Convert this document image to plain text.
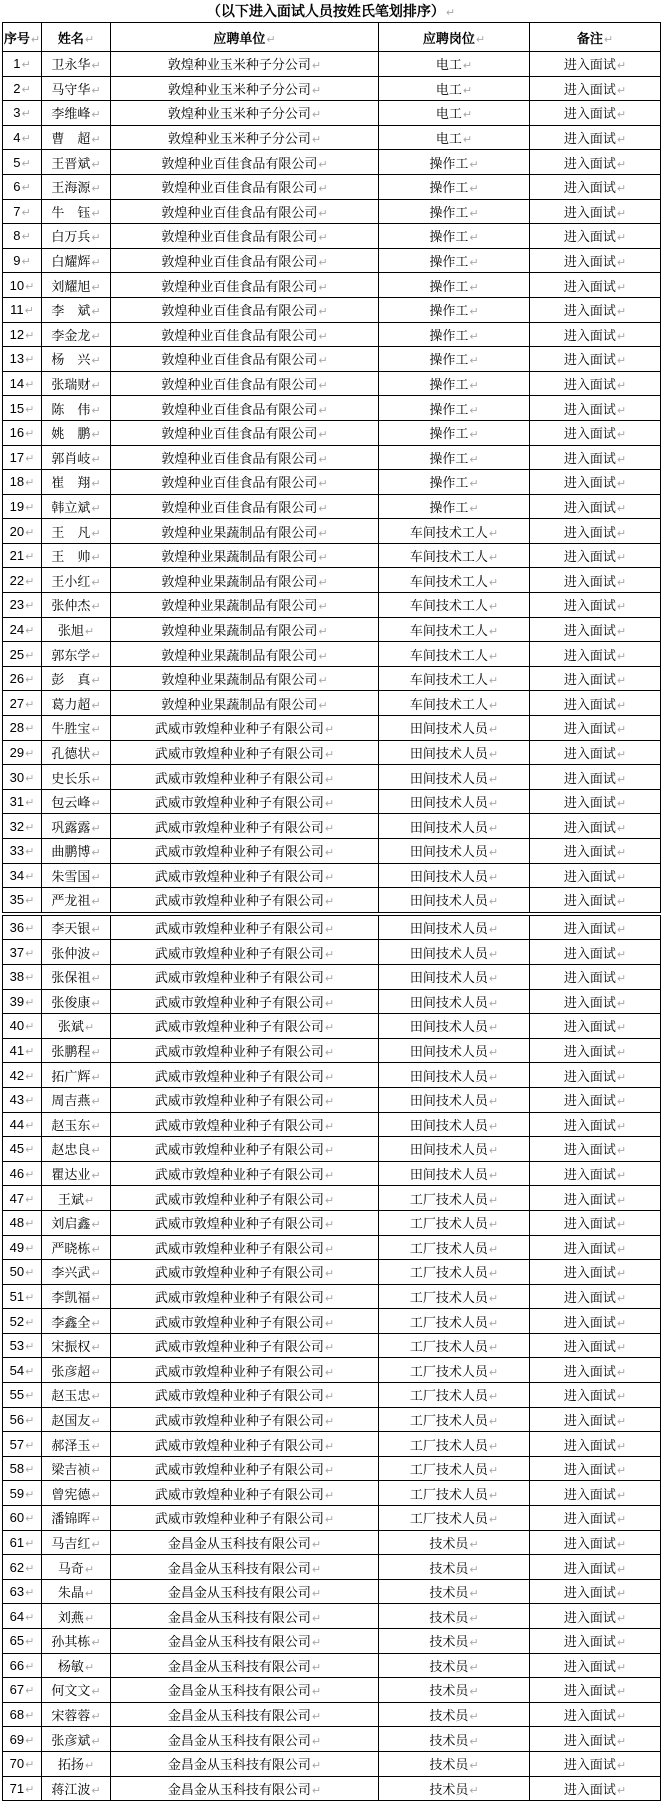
（以下进入面试人员按姓氏笔划排序）↵
序号↵	姓名↵	应聘单位↵	应聘岗位↵	备注↵
1↵	卫永华↵	敦煌种业玉米种子分公司↵	电工↵	进入面试↵
2↵	马守华↵	敦煌种业玉米种子分公司↵	电工↵	进入面试↵
3↵	李维峰↵	敦煌种业玉米种子分公司↵	电工↵	进入面试↵
4↵	曹　超↵	敦煌种业玉米种子分公司↵	电工↵	进入面试↵
5↵	王晋斌↵	敦煌种业百佳食品有限公司↵	操作工↵	进入面试↵
6↵	王海源↵	敦煌种业百佳食品有限公司↵	操作工↵	进入面试↵
7↵	牛　钰↵	敦煌种业百佳食品有限公司↵	操作工↵	进入面试↵
8↵	白万兵↵	敦煌种业百佳食品有限公司↵	操作工↵	进入面试↵
9↵	白耀辉↵	敦煌种业百佳食品有限公司↵	操作工↵	进入面试↵
10↵	刘耀旭↵	敦煌种业百佳食品有限公司↵	操作工↵	进入面试↵
11↵	李　斌↵	敦煌种业百佳食品有限公司↵	操作工↵	进入面试↵
12↵	李金龙↵	敦煌种业百佳食品有限公司↵	操作工↵	进入面试↵
13↵	杨　兴↵	敦煌种业百佳食品有限公司↵	操作工↵	进入面试↵
14↵	张瑞财↵	敦煌种业百佳食品有限公司↵	操作工↵	进入面试↵
15↵	陈　伟↵	敦煌种业百佳食品有限公司↵	操作工↵	进入面试↵
16↵	姚　鹏↵	敦煌种业百佳食品有限公司↵	操作工↵	进入面试↵
17↵	郭肖岐↵	敦煌种业百佳食品有限公司↵	操作工↵	进入面试↵
18↵	崔　翔↵	敦煌种业百佳食品有限公司↵	操作工↵	进入面试↵
19↵	韩立斌↵	敦煌种业百佳食品有限公司↵	操作工↵	进入面试↵
20↵	王　凡↵	敦煌种业果蔬制品有限公司↵	车间技术工人↵	进入面试↵
21↵	王　帅↵	敦煌种业果蔬制品有限公司↵	车间技术工人↵	进入面试↵
22↵	王小红↵	敦煌种业果蔬制品有限公司↵	车间技术工人↵	进入面试↵
23↵	张仲杰↵	敦煌种业果蔬制品有限公司↵	车间技术工人↵	进入面试↵
24↵	张旭↵	敦煌种业果蔬制品有限公司↵	车间技术工人↵	进入面试↵
25↵	郭东学↵	敦煌种业果蔬制品有限公司↵	车间技术工人↵	进入面试↵
26↵	彭　真↵	敦煌种业果蔬制品有限公司↵	车间技术工人↵	进入面试↵
27↵	葛力超↵	敦煌种业果蔬制品有限公司↵	车间技术工人↵	进入面试↵
28↵	牛胜宝↵	武威市敦煌种业种子有限公司↵	田间技术人员↵	进入面试↵
29↵	孔德状↵	武威市敦煌种业种子有限公司↵	田间技术人员↵	进入面试↵
30↵	史长乐↵	武威市敦煌种业种子有限公司↵	田间技术人员↵	进入面试↵
31↵	包云峰↵	武威市敦煌种业种子有限公司↵	田间技术人员↵	进入面试↵
32↵	巩露露↵	武威市敦煌种业种子有限公司↵	田间技术人员↵	进入面试↵
33↵	曲鹏博↵	武威市敦煌种业种子有限公司↵	田间技术人员↵	进入面试↵
34↵	朱雪国↵	武威市敦煌种业种子有限公司↵	田间技术人员↵	进入面试↵
35↵	严龙祖↵	武威市敦煌种业种子有限公司↵	田间技术人员↵	进入面试↵
36↵	李天银↵	武威市敦煌种业种子有限公司↵	田间技术人员↵	进入面试↵
37↵	张仲波↵	武威市敦煌种业种子有限公司↵	田间技术人员↵	进入面试↵
38↵	张保祖↵	武威市敦煌种业种子有限公司↵	田间技术人员↵	进入面试↵
39↵	张俊康↵	武威市敦煌种业种子有限公司↵	田间技术人员↵	进入面试↵
40↵	张斌↵	武威市敦煌种业种子有限公司↵	田间技术人员↵	进入面试↵
41↵	张鹏程↵	武威市敦煌种业种子有限公司↵	田间技术人员↵	进入面试↵
42↵	拓广辉↵	武威市敦煌种业种子有限公司↵	田间技术人员↵	进入面试↵
43↵	周吉燕↵	武威市敦煌种业种子有限公司↵	田间技术人员↵	进入面试↵
44↵	赵玉东↵	武威市敦煌种业种子有限公司↵	田间技术人员↵	进入面试↵
45↵	赵忠良↵	武威市敦煌种业种子有限公司↵	田间技术人员↵	进入面试↵
46↵	瞿达业↵	武威市敦煌种业种子有限公司↵	田间技术人员↵	进入面试↵
47↵	王斌↵	武威市敦煌种业种子有限公司↵	工厂技术人员↵	进入面试↵
48↵	刘启鑫↵	武威市敦煌种业种子有限公司↵	工厂技术人员↵	进入面试↵
49↵	严晓栋↵	武威市敦煌种业种子有限公司↵	工厂技术人员↵	进入面试↵
50↵	李兴武↵	武威市敦煌种业种子有限公司↵	工厂技术人员↵	进入面试↵
51↵	李凯福↵	武威市敦煌种业种子有限公司↵	工厂技术人员↵	进入面试↵
52↵	李鑫全↵	武威市敦煌种业种子有限公司↵	工厂技术人员↵	进入面试↵
53↵	宋振权↵	武威市敦煌种业种子有限公司↵	工厂技术人员↵	进入面试↵
54↵	张彦超↵	武威市敦煌种业种子有限公司↵	工厂技术人员↵	进入面试↵
55↵	赵玉忠↵	武威市敦煌种业种子有限公司↵	工厂技术人员↵	进入面试↵
56↵	赵国友↵	武威市敦煌种业种子有限公司↵	工厂技术人员↵	进入面试↵
57↵	郝泽玉↵	武威市敦煌种业种子有限公司↵	工厂技术人员↵	进入面试↵
58↵	梁吉祯↵	武威市敦煌种业种子有限公司↵	工厂技术人员↵	进入面试↵
59↵	曾宪德↵	武威市敦煌种业种子有限公司↵	工厂技术人员↵	进入面试↵
60↵	潘锦晖↵	武威市敦煌种业种子有限公司↵	工厂技术人员↵	进入面试↵
61↵	马吉红↵	金昌金从玉科技有限公司↵	技术员↵	进入面试↵
62↵	马奇↵	金昌金从玉科技有限公司↵	技术员↵	进入面试↵
63↵	朱晶↵	金昌金从玉科技有限公司↵	技术员↵	进入面试↵
64↵	刘燕↵	金昌金从玉科技有限公司↵	技术员↵	进入面试↵
65↵	孙其栋↵	金昌金从玉科技有限公司↵	技术员↵	进入面试↵
66↵	杨敏↵	金昌金从玉科技有限公司↵	技术员↵	进入面试↵
67↵	何文文↵	金昌金从玉科技有限公司↵	技术员↵	进入面试↵
68↵	宋蓉蓉↵	金昌金从玉科技有限公司↵	技术员↵	进入面试↵
69↵	张彦斌↵	金昌金从玉科技有限公司↵	技术员↵	进入面试↵
70↵	拓扬↵	金昌金从玉科技有限公司↵	技术员↵	进入面试↵
71↵	蒋江波↵	金昌金从玉科技有限公司↵	技术员↵	进入面试↵
